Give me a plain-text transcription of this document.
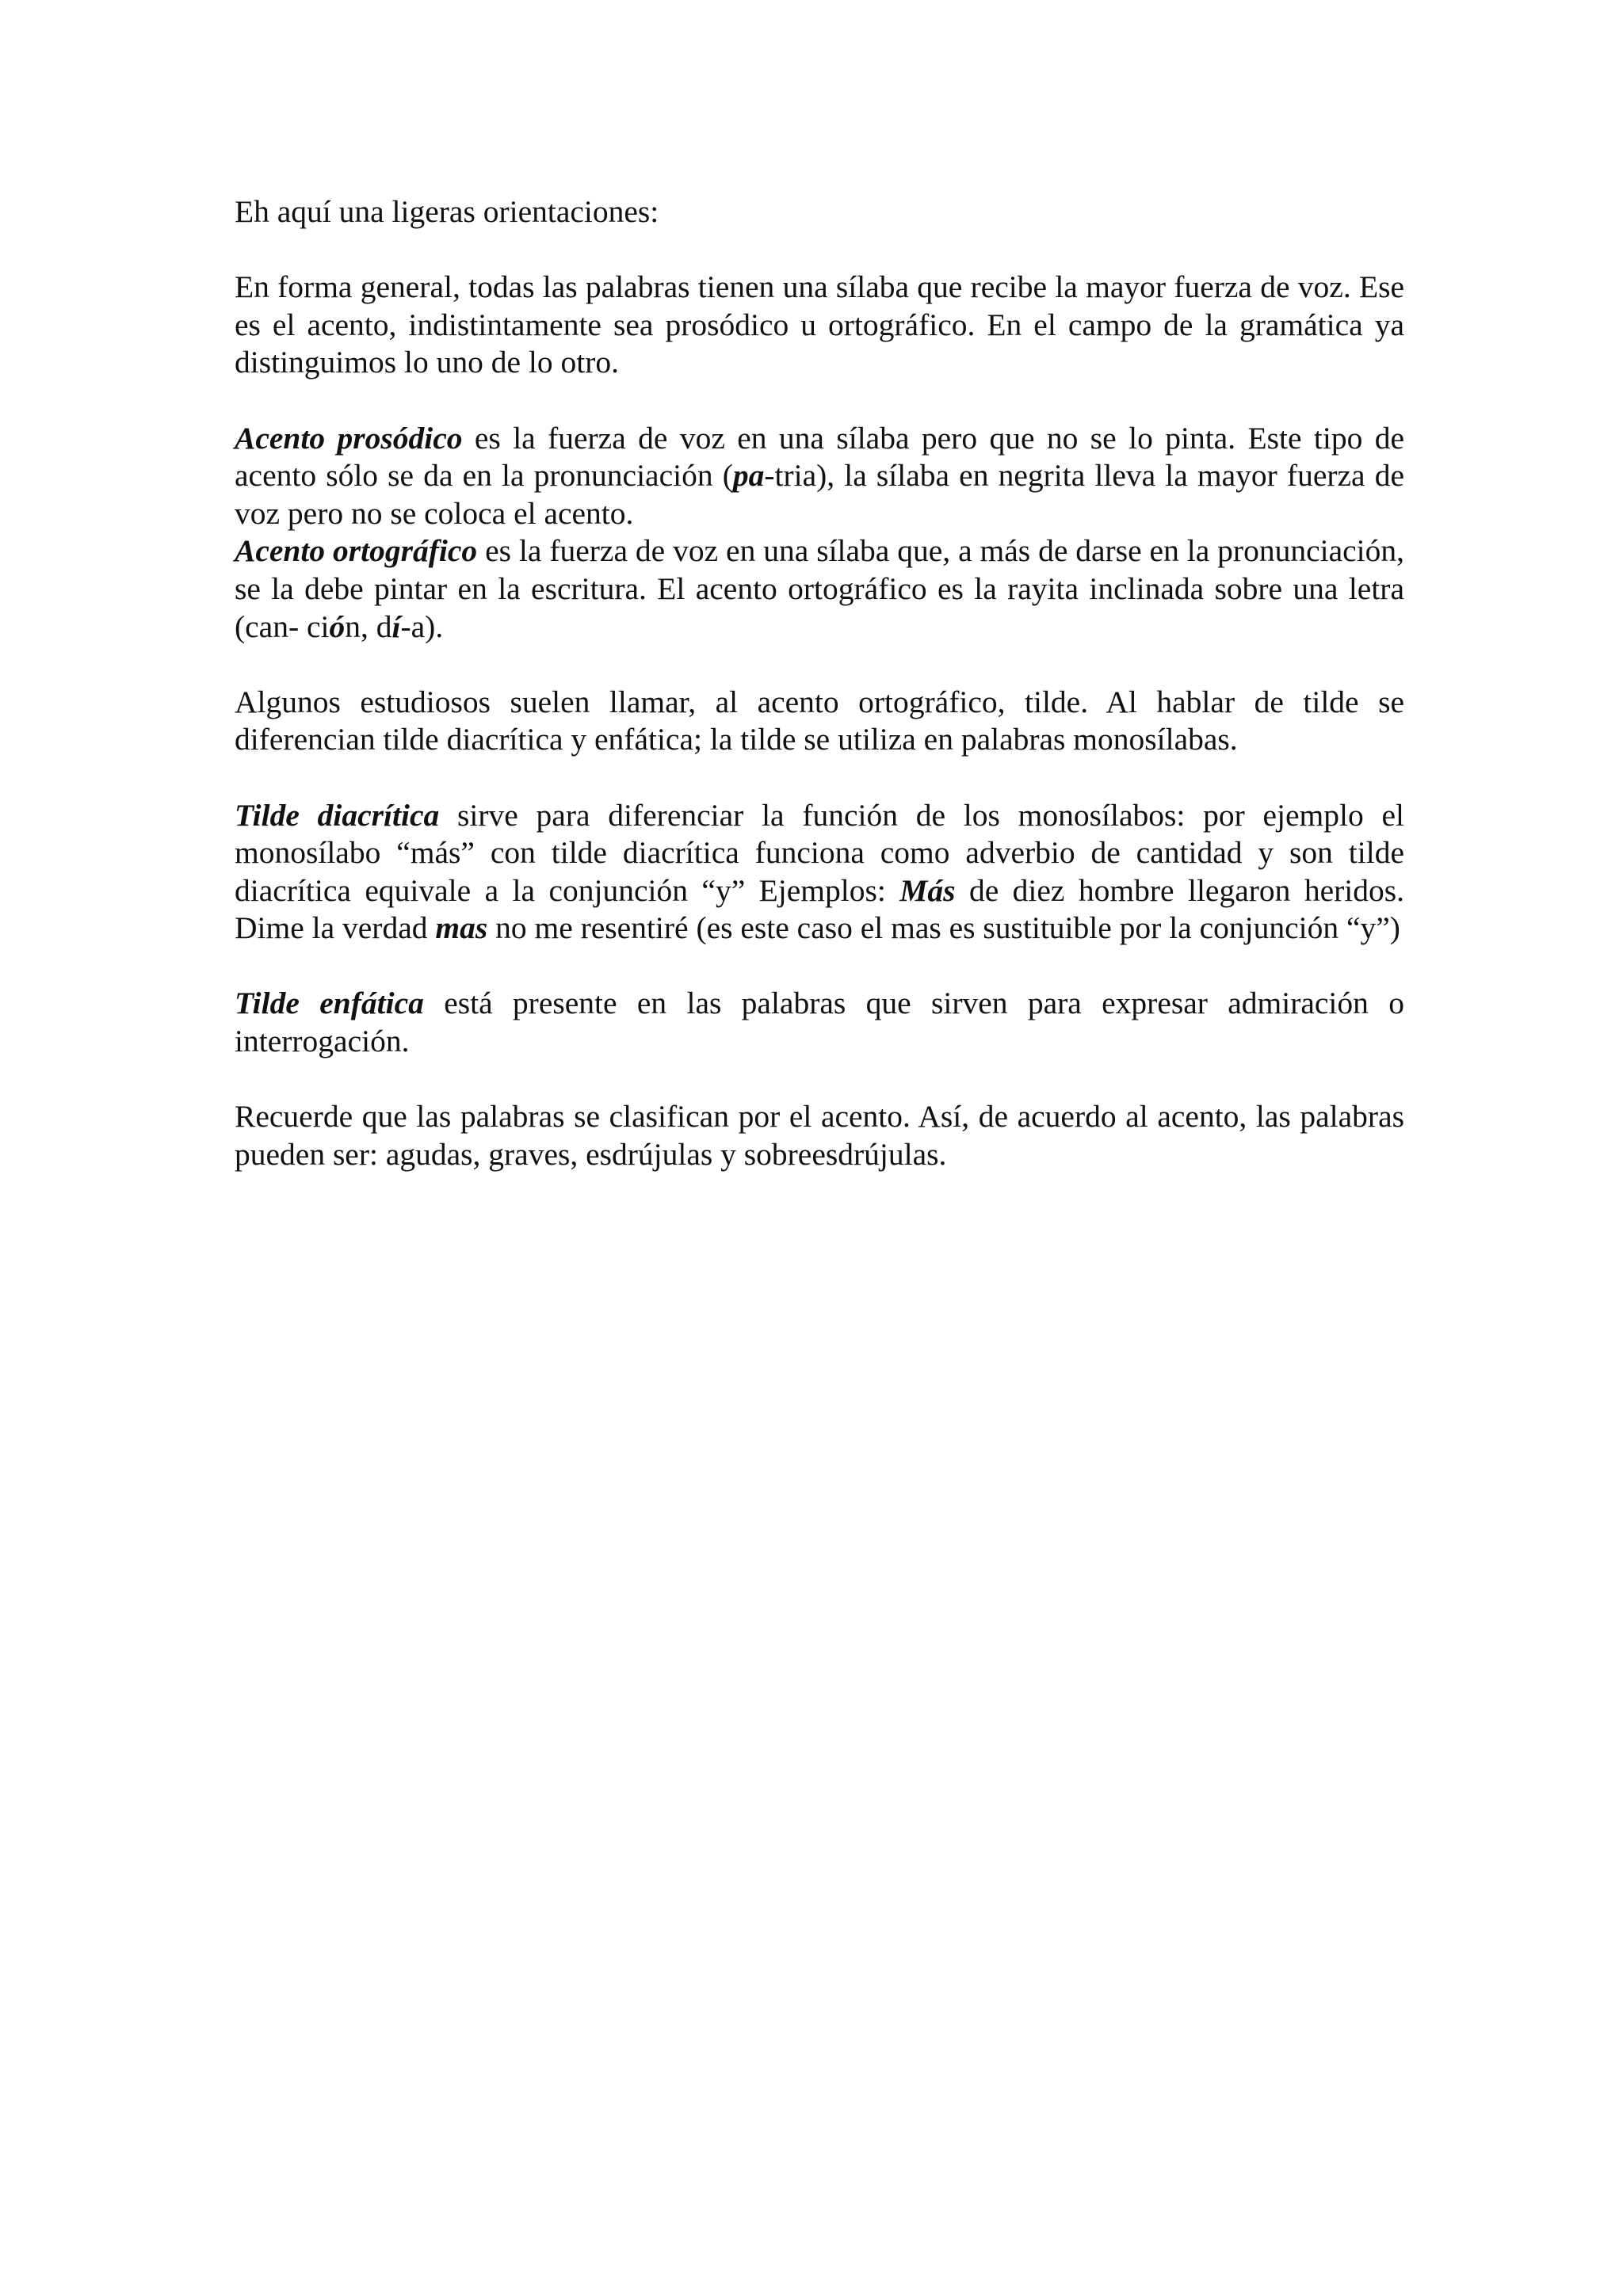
Eh aquí una ligeras orientaciones:

En forma general, todas las palabras tienen una sílaba que recibe la mayor fuerza de voz. Ese es el acento, indistintamente sea prosódico u ortográfico. En el campo de la gramática ya distinguimos lo uno de lo otro.

Acento prosódico es la fuerza de voz en una sílaba pero que no se lo pinta. Este tipo de acento sólo se da en la pronunciación (pa-tria), la sílaba en negrita lleva la mayor fuerza de voz pero no se coloca el acento.

Acento ortográfico es la fuerza de voz en una sílaba que, a más de darse en la pronunciación, se la debe pintar en la escritura. El acento ortográfico es la rayita inclinada sobre una letra (can- ción, dí-a).

Algunos estudiosos suelen llamar, al acento ortográfico, tilde. Al hablar de tilde se diferencian tilde diacrítica y enfática; la tilde se utiliza en palabras monosílabas.

Tilde diacrítica sirve para diferenciar la función de los monosílabos: por ejemplo el monosílabo “más” con tilde diacrítica funciona como adverbio de cantidad y son tilde diacrítica equivale a la conjunción “y” Ejemplos: Más de diez hombre llegaron heridos. Dime la verdad mas no me resentiré (es este caso el mas es sustituible por la conjunción “y”)

Tilde enfática está presente en las palabras que sirven para expresar admiración o interrogación.

Recuerde que las palabras se clasifican por el acento. Así, de acuerdo al acento, las palabras pueden ser: agudas, graves, esdrújulas y sobreesdrújulas.
